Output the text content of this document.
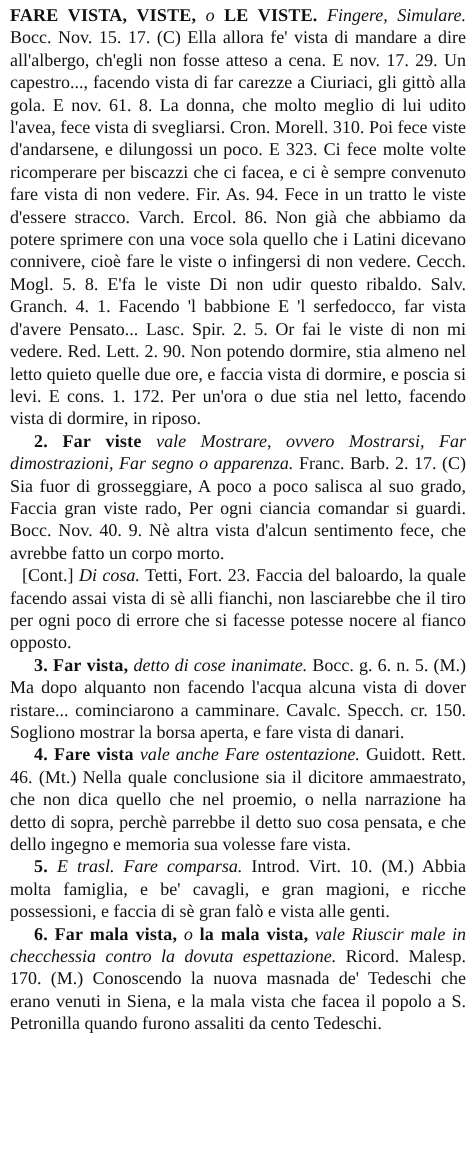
FARE VISTA, VISTE, o LE VISTE. Fingere, Simulare. Bocc. Nov. 15. 17. (C) Ella allora fe' vista di mandare a dire all'albergo, ch'egli non fosse atteso a cena. E nov. 17. 29. Un capestro..., facendo vista di far carezze a Ciuriaci, gli gittò alla gola. E nov. 61. 8. La donna, che molto meglio di lui udito l'avea, fece vista di svegliarsi. Cron. Morell. 310. Poi fece viste d'andarsene, e dilungossi un poco. E 323. Ci fece molte volte ricomperare per biscazzi che ci facea, e ci è sempre convenuto fare vista di non vedere. Fir. As. 94. Fece in un tratto le viste d'essere stracco. Varch. Ercol. 86. Non già che abbiamo da potere sprimere con una voce sola quello che i Latini dicevano connivere, cioè fare le viste o infingersi di non vedere. Cecch. Mogl. 5. 8. E'fa le viste Di non udir questo ribaldo. Salv. Granch. 4. 1. Facendo 'l babbione E 'l serfedocco, far vista d'avere Pensato... Lasc. Spir. 2. 5. Or fai le viste di non mi vedere. Red. Lett. 2. 90. Non potendo dormire, stia almeno nel letto quieto quelle due ore, e faccia vista di dormire, e poscia si levi. E cons. 1. 172. Per un'ora o due stia nel letto, facendo vista di dormire, in riposo.

2. Far viste vale Mostrare, ovvero Mostrarsi, Far dimostrazioni, Far segno o apparenza. Franc. Barb. 2. 17. (C) Sia fuor di grosseggiare, A poco a poco salisca al suo grado, Faccia gran viste rado, Per ogni ciancia comandar si guardi. Bocc. Nov. 40. 9. Nè altra vista d'alcun sentimento fece, che avrebbe fatto un corpo morto.

[Cont.] Di cosa. Tetti, Fort. 23. Faccia del baloardo, la quale facendo assai vista di sè alli fianchi, non lasciarebbe che il tiro per ogni poco di errore che si facesse potesse nocere al fianco opposto.

3. Far vista, detto di cose inanimate. Bocc. g. 6. n. 5. (M.) Ma dopo alquanto non facendo l'acqua alcuna vista di dover ristare... cominciarono a camminare. Cavalc. Specch. cr. 150. Sogliono mostrar la borsa aperta, e fare vista di danari.

4. Fare vista vale anche Fare ostentazione. Guidott. Rett. 46. (Mt.) Nella quale conclusione sia il dicitore ammaestrato, che non dica quello che nel proemio, o nella narrazione ha detto di sopra, perchè parrebbe il detto suo cosa pensata, e che dello ingegno e memoria sua volesse fare vista.

5. E trasl. Fare comparsa. Introd. Virt. 10. (M.) Abbia molta famiglia, e be' cavagli, e gran magioni, e ricche possessioni, e faccia di sè gran falò e vista alle genti.

6. Far mala vista, o la mala vista, vale Riuscir male in checchessia contro la dovuta espettazione. Ricord. Malesp. 170. (M.) Conoscendo la nuova masnada de' Tedeschi che erano venuti in Siena, e la mala vista che facea il popolo a S. Petronilla quando furono assaliti da cento Tedeschi.
